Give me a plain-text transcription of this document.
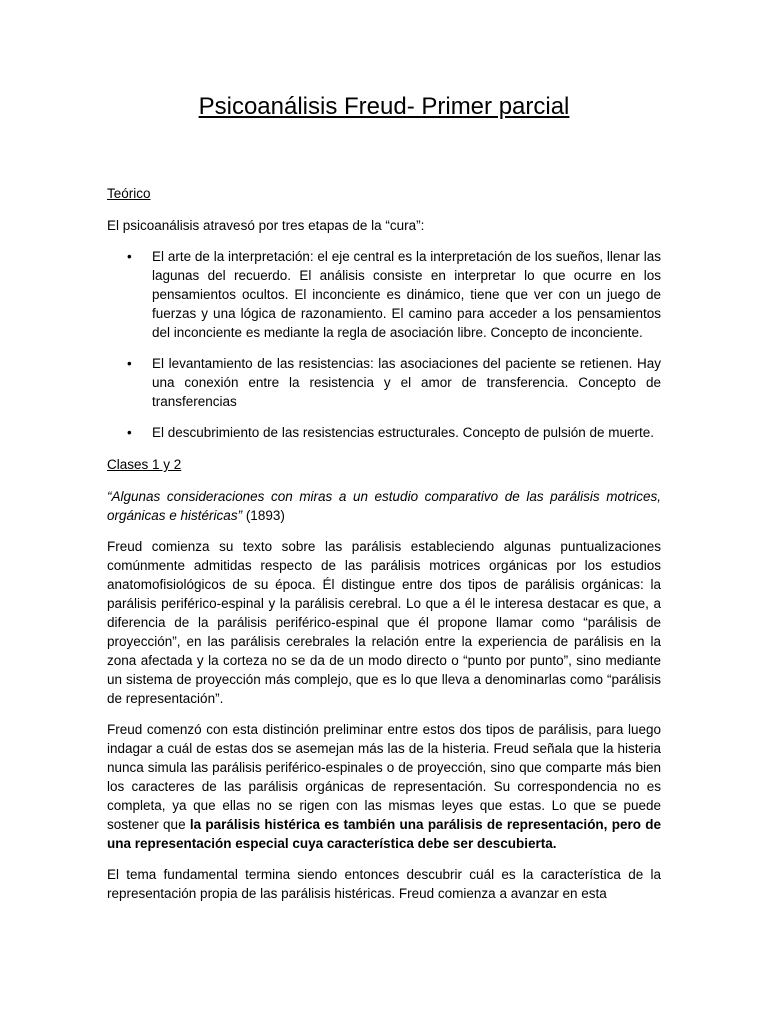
Psicoanálisis Freud- Primer parcial
Teórico

El psicoanálisis atravesó por tres etapas de la “cura”:

• El arte de la interpretación: el eje central es la interpretación de los sueños, llenar las lagunas del recuerdo. El análisis consiste en interpretar lo que ocurre en los pensamientos ocultos. El inconciente es dinámico, tiene que ver con un juego de fuerzas y una lógica de razonamiento. El camino para acceder a los pensamientos del inconciente es mediante la regla de asociación libre. Concepto de inconciente.
• El levantamiento de las resistencias: las asociaciones del paciente se retienen. Hay una conexión entre la resistencia y el amor de transferencia. Concepto de transferencias
• El descubrimiento de las resistencias estructurales. Concepto de pulsión de muerte.
Clases 1 y 2

“Algunas consideraciones con miras a un estudio comparativo de las parálisis motrices, orgánicas e histéricas” (1893)

Freud comienza su texto sobre las parálisis estableciendo algunas puntualizaciones comúnmente admitidas respecto de las parálisis motrices orgánicas por los estudios anatomofisiológicos de su época. Él distingue entre dos tipos de parálisis orgánicas: la parálisis periférico-espinal y la parálisis cerebral. Lo que a él le interesa destacar es que, a diferencia de la parálisis periférico-espinal que él propone llamar como “parálisis de proyección”, en las parálisis cerebrales la relación entre la experiencia de parálisis en la zona afectada y la corteza no se da de un modo directo o “punto por punto”, sino mediante un sistema de proyección más complejo, que es lo que lleva a denominarlas como “parálisis de representación”.

Freud comenzó con esta distinción preliminar entre estos dos tipos de parálisis, para luego indagar a cuál de estas dos se asemejan más las de la histeria. Freud señala que la histeria nunca simula las parálisis periférico-espinales o de proyección, sino que comparte más bien los caracteres de las parálisis orgánicas de representación. Su correspondencia no es completa, ya que ellas no se rigen con las mismas leyes que estas. Lo que se puede sostener que la parálisis histérica es también una parálisis de representación, pero de una representación especial cuya característica debe ser descubierta.

El tema fundamental termina siendo entonces descubrir cuál es la característica de la representación propia de las parálisis histéricas. Freud comienza a avanzar en esta
